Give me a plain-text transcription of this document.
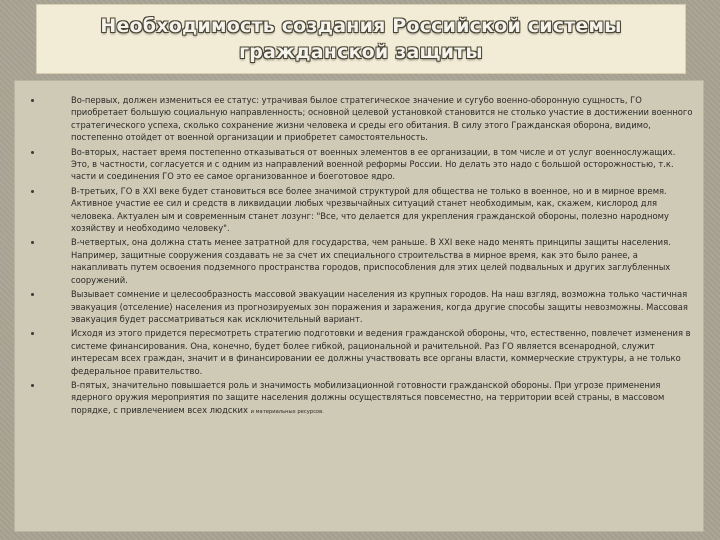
Необходимость создания Российской системы гражданской защиты
Во-первых, должен измениться ее статус: утрачивая былое стратегическое значение и сугубо военно-оборонную сущность, ГО приобретает большую социальную направленность; основной целевой установкой становится не столько участие в достижении военного стратегического успеха, сколько сохранение жизни человека и среды его обитания. В силу этого Гражданская оборона, видимо, постепенно отойдет от военной организации и приобретет самостоятельность.
Во-вторых, настает время постепенно отказываться от военных элементов в ее организации, в том числе и от услуг военнослужащих. Это, в частности, согласуется и с одним из направлений военной реформы России. Но делать это надо с большой осторожностью, т.к. части и соединения ГО это ее самое организованное и боеготовое ядро.
В-третьих, ГО в XXI веке будет становиться все более значимой структурой для общества не только в военное, но и в мирное время. Активное участие ее сил и средств в ликвидации любых чрезвычайных ситуаций станет необходимым, как, скажем, кислород для человека. Актуален ым и современным станет лозунг: "Все, что делается для укрепления гражданской обороны, полезно народному хозяйству и необходимо человеку".
В-четвертых, она должна стать менее затратной для государства, чем раньше. В XXI веке надо менять принципы защиты населения. Например, защитные сооружения создавать не за счет их специального строительства в мирное время, как это было ранее, а накапливать путем освоения подземного пространства городов, приспособления для этих целей подвальных и других заглубленных сооружений.
Вызывает сомнение и целесообразность массовой эвакуации населения из крупных городов. На наш взгляд, возможна только частичная эвакуация (отселение) населения из прогнозируемых зон поражения и заражения, когда другие способы защиты невозможны. Массовая эвакуация будет рассматриваться как исключительный вариант.
Исходя из этого придется пересмотреть стратегию подготовки и ведения гражданской обороны, что, естественно, повлечет изменения в системе финансирования. Она, конечно, будет более гибкой, рациональной и рачительной. Раз ГО является всенародной, служит интересам всех граждан, значит и в финансировании ее должны участвовать все органы власти, коммерческие структуры, а не только федеральное правительство.
В-пятых, значительно повышается роль и значимость мобилизационной готовности гражданской обороны. При угрозе применения ядерного оружия мероприятия по защите населения должны осуществляться повсеместно, на территории всей страны, в массовом порядке, с привлечением всех людских и материальных ресурсов.
